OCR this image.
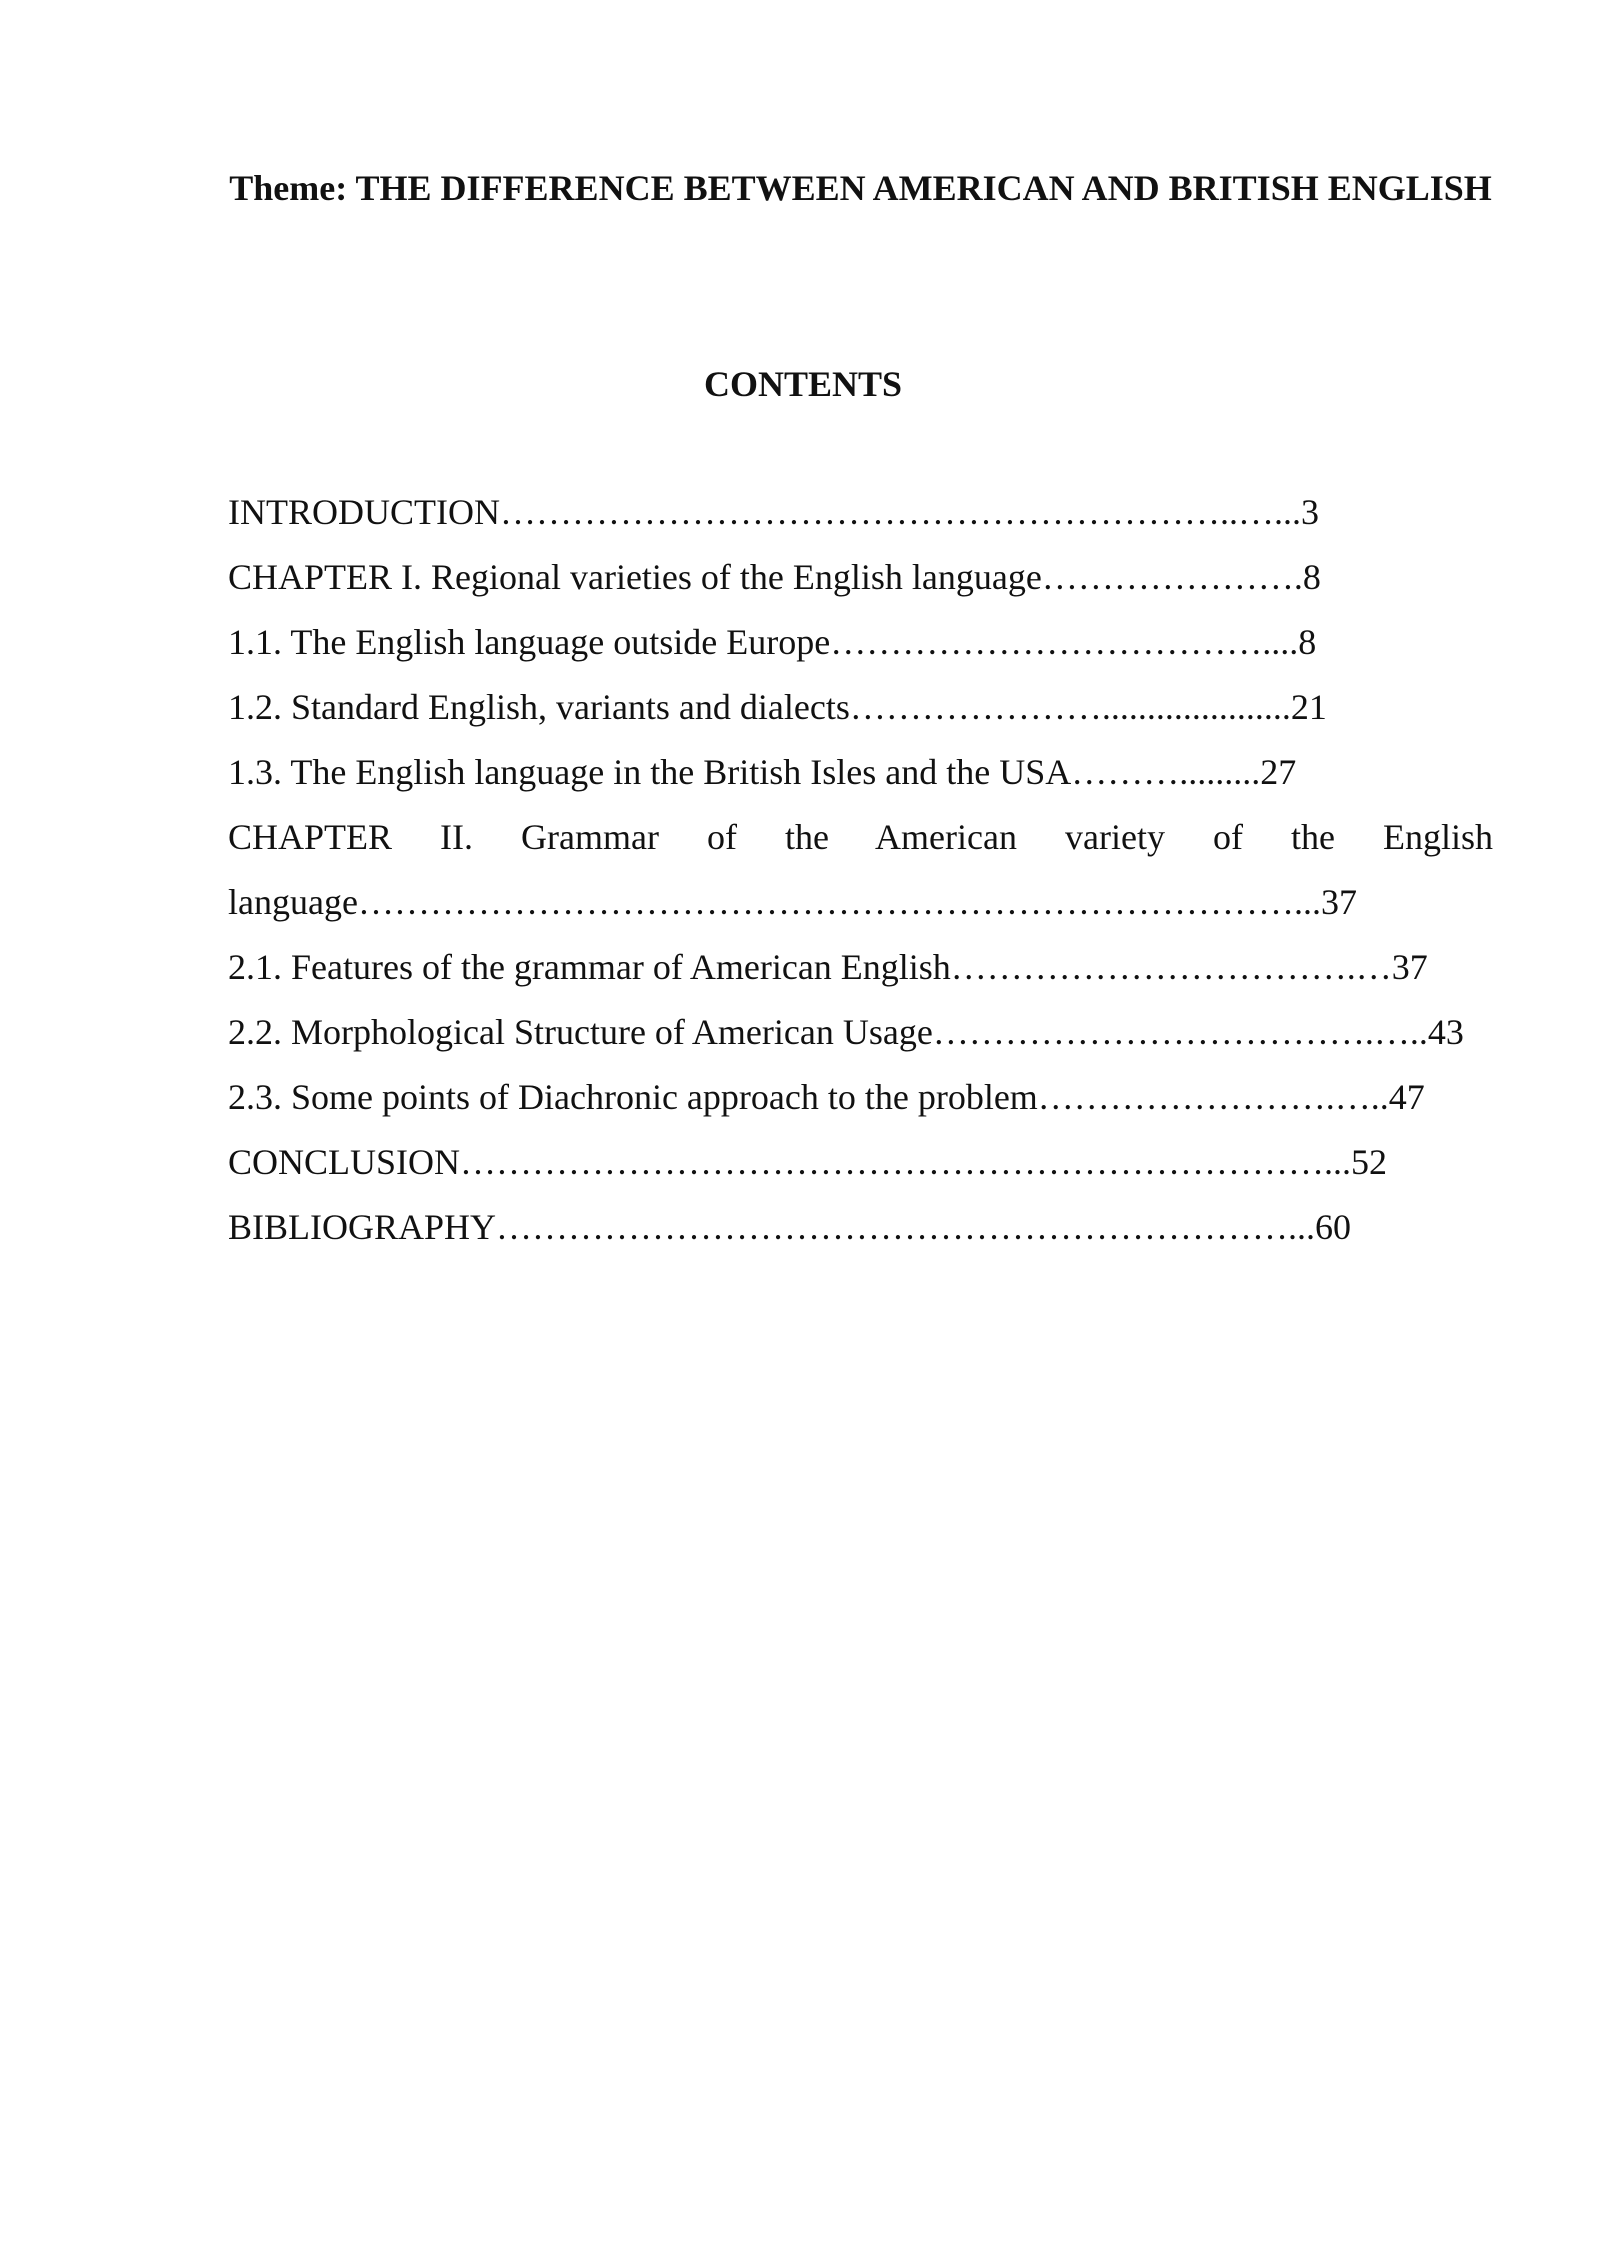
Theme: THE DIFFERENCE BETWEEN AMERICAN AND BRITISH ENGLISH
CONTENTS
INTRODUCTION……………………………………………………..…...3
CHAPTER I. Regional varieties of the English language………………….8
1.1. The English language outside Europe………………………………....8
1.2. Standard English, variants and dialects………………….....................21
1.3. The English language in the British Isles and the USA……….........27
CHAPTER II. Grammar of the American variety of the English language……………………………………………………………………...37
2.1. Features of the grammar of American English…………………………….…37
2.2. Morphological Structure of American Usage……………………………….…..43
2.3. Some points of Diachronic approach to the problem…………………….…..47
CONCLUSION………………………………………………………………...52
BIBLIOGRAPHY…………………………………………………………...60
